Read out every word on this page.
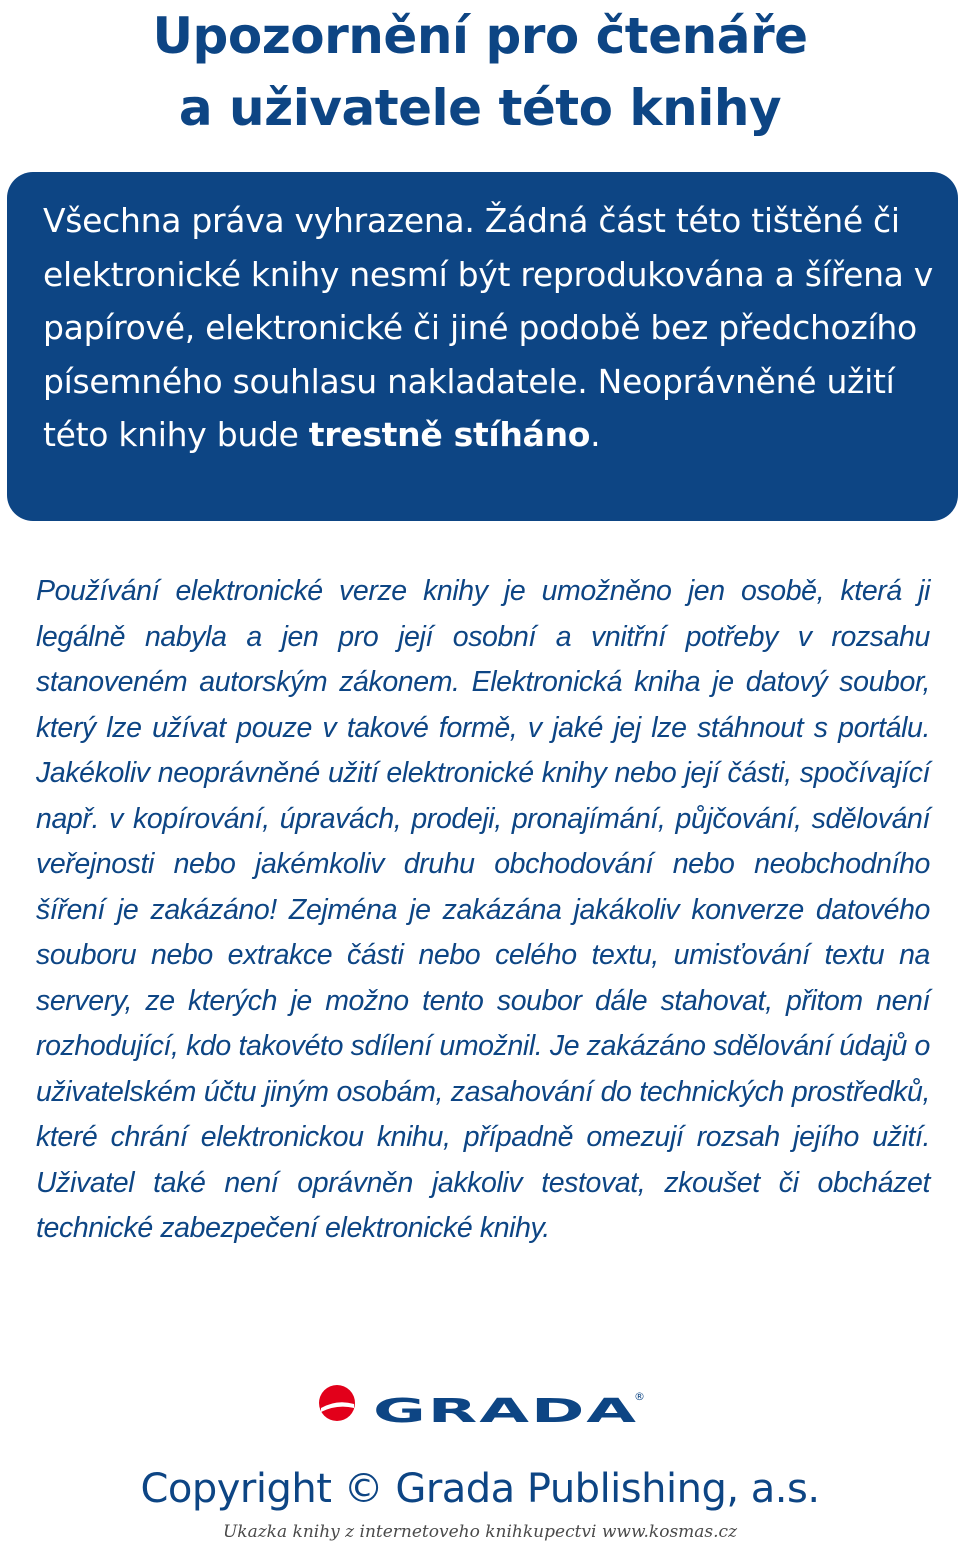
Upozornění pro čtenáře
a uživatele této knihy

Všechna práva vyhrazena. Žádná část této tištěné či elektronické knihy nesmí být reprodukována a šířena v papírové, elektronické či jiné podobě bez předchozího písemného souhlasu nakladatele. Neoprávněné užití této knihy bude trestně stíháno.

Používání elektronické verze knihy je umožněno jen osobě, která ji legálně nabyla a jen pro její osobní a vnitřní potřeby v rozsahu stanoveném autorským zákonem. Elektronická kniha je datový soubor, který lze užívat pouze v takové formě, v jaké jej lze stáhnout s portálu. Jakékoliv neoprávněné užití elektronické knihy nebo její části, spočívající např. v kopírování, úpravách, prodeji, pronajímání, půjčování, sdělování veřejnosti nebo jakémkoliv druhu obchodování nebo neobchodního šíření je zakázáno! Zejména je zakázána jakákoliv konverze datového souboru nebo extrakce části nebo celého textu, umisťování textu na servery, ze kterých je možno tento soubor dále stahovat, přitom není rozhodující, kdo takovéto sdílení umožnil. Je zakázáno sdělování údajů o uživatelském účtu jiným osobám, zasahování do technických prostředků, které chrání elektronickou knihu, případně omezují rozsah jejího užití. Uživatel také není oprávněn jakkoliv testovat, zkoušet či obcházet technické zabezpečení elektronické knihy.

GRADA
®
Copyright © Grada Publishing, a.s.
Ukazka knihy z internetoveho knihkupectvi www.kosmas.cz
